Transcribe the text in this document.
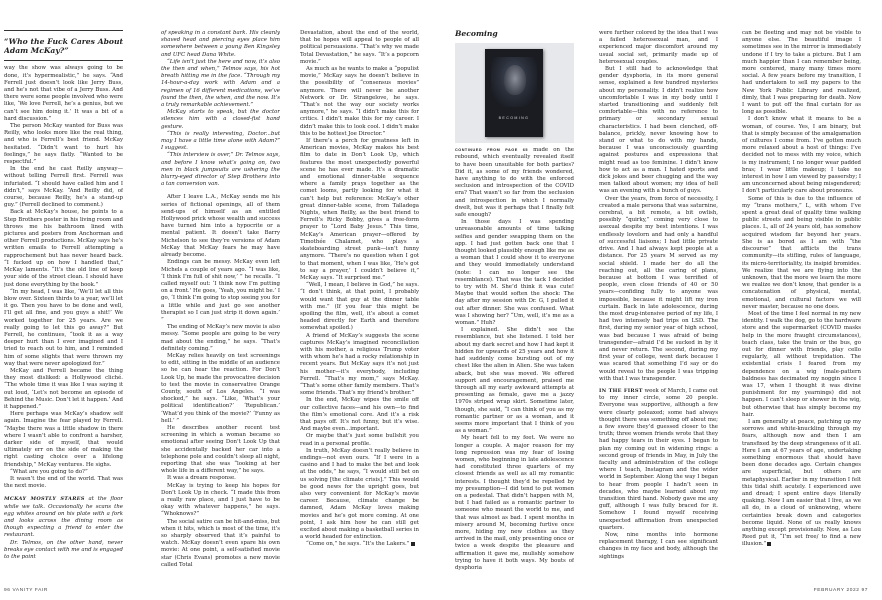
“Who the Fuck Cares About Adam McKay?”

way the show was always going to be done, it’s hypermealistic,” he says. “And Ferrell just doesn’t look like Jerry Buss, and he’s not that vibe of a Jerry Buss. And there were some people involved who were like, ‘We love Ferrell, he’s a genius, but we can’t see him doing it.’ It was a bit of a hard discussion.”

The person McKay wanted for Buss was Reilly, who looks more like the real thing, and who is Ferrell’s best friend. McKay hesitated. “Didn’t want to hurt his feelings,” he says flatly. “Wanted to be respectful.”

In the end he cast Reilly anyway—without telling Ferrell first. Ferrell was infuriated. “I should have called him and I didn’t,” says McKay. “And Reilly did, of course, because Reilly, he’s a stand-up guy.” (Ferrell declined to comment.)

Back at McKay’s house, he points to a Step Brothers poster in his living room and throws me his bathroom lined with pictures and posters from Anchorman and other Ferrell productions. McKay says he’s written emails to Ferrell attempting a rapprochement but has never heard back. “I fucked up on how I handled that,” McKay laments. “It’s the old line of keep your side of the street clean. I should have just done everything by the book.”

“In my head, I was like, ‘We’ll let all this blow over. Sixteen thirds to a year, we’ll let it go. Then you have to be done and well, I’ll get all fine, and you guys a shit!’ We worked together for 25 years. Are we really going to let this go away?” But Ferrell, he continues, “took it as a way deeper hurt than I ever imagined and I tried to reach out to him, and I reminded him of some slights that were thrown my way that were never apologized for.”

McKay and Ferrell became the thing they most disliked: a Hollywood cliché. “The whole time it was like I was saying it out loud, ‘Let’s not become an episode of Behind the Music. Don’t let it happen.’ And it happened.”

Here perhaps was McKay’s shadow self again. Imagine the fear played by Ferrell. “Maybe there was a little shadow in there where I wasn’t able to confront a harsher, darker side of myself, that would ultimately err on the side of making the right casting choice over a lifelong friendship,” McKay ventures. He sighs.

“What are you going to do?”

It wasn’t the end of the world. That was the next movie.

MCKAY MOSTLY STARES at the floor while we talk. Occasionally he scans the egg whites around on his plate with a fork and looks across the dining room as though expecting a friend to enter the restaurant.

Dr. Telmos, on the other hand, never breaks eye contact with me and is engaged to the point

of speaking in a constant bark. His cleanly shaved head and piercing eyes place him somewhere between a young Ben Kingsley and UFC head Dana White.

“Life isn’t just the here and now, it’s also the then and when,” Telmos says, his hot breath hitting me in the face. “Through my 14-hour-a-day work with Adam and a regimen of 16 different medications, we’ve found the then, the when, and the now. It’s a truly remarkable achievement.”

McKay starts to speak, but the doctor silences him with a closed-fist hand gesture.

“This is really interesting, Doctor...but may I have a little time alone with Adam?” I suggest.

“This interview is over,” Dr. Telmos says, and before I know what’s going on, two men in black jumpsuits are ushering the blurry-eyed director of Step Brothers into a tan conversion van.

After I leave L.A., McKay sends me his series of fictional openings, all of them send-ups of himself as an entitled Hollywood prick whose wealth and success have turned him into a hypocrite or a mental patient. It doesn’t take Barry Michelson to see they’re versions of Adam McKay that McKay fears he may have already become.

Endings can be messy. McKay even left Michels a couple of years ago. “I was like, ‘I think I’m full of shit now,’ ” he recalls. “I called myself out: ‘I think now I’m putting on a front.’ He goes, ‘Yeah, you might be.’ I go, ‘I think I’m going to stop seeing you for a little while and just go see another therapist so I can just strip it down again.’ ”

The ending of McKay’s new movie is also messy. “Some people are going to be very mad about the ending,” he says. “That’s definitely coming.”

McKay relies heavily on test screenings to edit, sitting in the middle of an audience so he can hear the reaction. For Don’t Look Up, he made the provocative decision to test the movie in conservative Orange County, south of Los Angeles. “I was shocked,” he says. “Like, ‘What’s your political identification?’ ‘Republican.’ ‘What’d you think of the movie?’ ‘Funny as hell.’ ”

He describes another recent test screening in which a woman became so emotional after seeing Don’t Look Up that she accidentally backed her car into a telephone pole and couldn’t sleep all night, reporting that she was “looking at her whole life in a different way,” he says.

It was a dream response.

McKay is trying to keep his hopes for Don’t Look Up in check. “I made this from a really raw place, and I just have to be okay with whatever happens,” he says. “Whoknows?”

The social satire can be hit-and-miss, but when it hits, which is most of the time, it’s so sharply observed that it’s painful to watch. McKay doesn’t even spare his own movie: At one point, a self-satisfied movie star (Chris Evans) promotes a new movie called Total

Devastation, about the end of the world, that he hopes will appeal to people of all political persuasions. “That’s why we made Total Devastation,” he says. “It’s a popcorn movie.”

As much as he wants to make a “populist movie,” McKay says he doesn’t believe in the possibility of “consensus movies” anymore. There will never be another Network or Dr. Strangelove, he says. “That’s not the way our society works anymore,” he says. “I didn’t make this for critics. I didn’t make this for my career. I didn’t make this to look cool. I didn’t make this to be hottest Joe Director.”

If there’s a perch for greatness left in American movies, McKay makes his best film to date in Don’t Look Up, which features the most unexpectedly powerful scene he has ever made. It’s a dramatic and emotional dinner-table sequence where a family prays together as the comet looms, partly looking for what it can’t help but reference: McKay’s other great dinner-table scene, from Talladega Nights, when Reilly, as the best friend to Ferrell’s Ricky Bobby, gives a free-form prayer to “Lord Baby Jesus.” This time, McKay’s American prayer—offered by Timothée Chalamet, who plays a skateboarding street punk—isn’t funny anymore. “There’s no question when I got to that moment, when I was like, ‘He’s got to say a prayer,’ I couldn’t believe it,” McKay says. “It surprised me.”

“Well, I mean, I believe in God,” he says. “I don’t think, at that point, I probably would want that guy at the dinner table with me.” (If you fear this might be spoiling the film, well, it’s about a comet headed directly for Earth and therefore somewhat spoiled.)

A friend of McKay’s suggests the scene captures McKay’s imagined reconciliation with his mother, a religious Trump voter with whom he’s had a rocky relationship in recent years. But McKay says it’s not just his mother—it’s everybody, including Ferrell. “That’s my mom,” says McKay. “That’s some other family members. That’s some friends. That’s my friend’s brother.”

In the end, McKay wipes the smile off our collective faces—and his own—to find the film’s emotional core. And it’s a risk that pays off. It’s not funny, but it’s wise. And maybe even...important.

Or maybe that’s just some bullshit you read in a personal profile.

In truth, McKay doesn’t really believe in endings—not even ours. “If I were in a casino and I had to make the bet and look at the odds,” he says, “I would still bet on us solving [the climate crisis].” This would be good news for the upright goes, but also very convenient for McKay’s movie career. Because, climate change be damned, Adam McKay loves making movies and he’s got more coming. At one point, I ask him how he can still get excited about making a basketball series in a world headed for extinction.

“Come on,” he says. “It’s the Lakers.”

96 VANITY FAIR
Becoming
BECOMING

CONTINUED FROM PAGE 65 made on the rebound, which eventually revealed itself to have been unsuitable for both parties? Did it, as some of my friends wondered, have anything to do with the enforced seclusion and introspection of the COVID era? That wasn’t so far from the seclusion and introspection in which I normally dwelt, but was it perhaps that I finally felt safe enough?

In those days I was spending unreasonable amounts of time talking selfies and gender swapping them on the app. I had just gotten back one that I thought looked plausibly enough like me as a woman that I could show it to everyone and they would immediately understand (note: I can no longer see the resemblance). That was the tack I decided to try with M. She’d think it was cute! Maybe that would soften the shock: The day after my session with Dr. G, I pulled it out after dinner. She was confused. What was I showing her? “Um, well, it’s me as a woman.” Huh?

I explained. She didn’t see the resemblance, but she listened. I told her about my dark secret and how I had kept it hidden for upwards of 25 years and how it had suddenly come bursting out of my chest like the alien in Alien. She was taken aback, but she was moved. We offered support and encouragement, praised me through all my early awkward attempts at presenting as female, gave me a jazzy 1970s striped wrap skirt. Sometime later, though, she said, “I can think of you as my romantic partner or as a woman, and it seems more important that I think of you as a woman.”

My heart fell to my feet. We were no longer a couple. A major reason for my long repression was my fear of losing women, who beginning in late adolescence had constituted three quarters of my closest friends as well as all my romantic interests. I thought they’d be repelled by my presumption—I did tend to put women on a pedestal. That didn’t happen with M, but I had failed as a romantic partner to someone who meant the world to me, and that was almost as bad. I spent months in misery around M, becoming furtive once more, hiding my new clothes as they arrived in the mail, only presenting once or twice a week despite the pleasure and affirmation it gave me, mulishly somehow trying to have it both ways. My bouts of dysphoria

were further colored by the idea that I was a failed heterosexual man, and I experienced major discomfort around my usual social set, primarily made up of heterosexual couples.

But I still had to acknowledge that gender dysphoria, in its more general sense, explained a few hundred mysteries about my personality. I didn’t realize how uncomfortable I was in my body until I started transitioning and suddenly felt comfortable—this with no reference to primary or secondary sexual characteristics. I had been clenched, off-balance, prickly, never knowing how to stand or what to do with my hands, because I was unconsciously guarding against postures and expressions that might read as too feminine. I didn’t know how to act as a man. I hated sports and dick jokes and beer chugging and the way men talked about women; my idea of hell was an evening with a bunch of guys.

Over the years, from force of necessity, I created a male persona that was saturnine, cerebral, a bit remote, a bit owlish, possibly “quirky,” coming very close to asexual despite my best intentions. I was endlessly lovelorn and had only a handful of successful liaisons; I had little private drive. And I had always kept people at a distance. For 25 years M served as my social shield. I made her do all the reaching out, all the caring of plans, because at bottom I was terrified of people, even close friends of 40 or 50 years—confiding fully to anyone was impossible, because it might lift my iron curtain. Back in late adolescence, during the most drug-intensive period of my life, I had two intensely bad trips on LSD. The first, during my senior year of high school, was bad because I was afraid of being transgender—afraid I’d be sucked in by it and never return. The second, during my first year of college, went dark because I was scared that something I’d say or do would reveal to the people I was tripping with that I was transgender.

IN THE FIRST week of March, I came out to my inner circle, some 20 people. Everyone was supportive, although a few were clearly poleaxed; some had always thought there was something off about me; a few swore they’d guessed closer to the truth; three women friends wrote that they had happy tears in their eyes. I began to plan my coming out in widening rings: a second group of friends in May, in July the faculty and administration of the college where I teach, Instagram and the wider world in September. Along the way I began to hear from people I hadn’t seen in decades, who maybe learned about my transition third hand. Nobody gave me any guff, although I was fully braced for it. Somehow I found myself receiving unexpected affirmation from unexpected quarters.

Now, nine months into hormone replacement therapy, I can see significant changes in my face and body, although the sightings

can be fleeting and may not be visible to anyone else. The beautiful image I sometimes see in the mirror is immediately undone if I try to take a picture. But I am much happier than I can remember being, more centered, many many times more social. A few years before my transition, I had undertaken to sell my papers to the New York Public Library and realized, dimly, that I was preparing for death. Now I want to put off the final curtain for as long as possible.

I don’t know what it means to be a woman, of course. Yes, I am binary, but that is simply because of the amalgamation of cultures I come from. I’ve gotten much more relaxed about a host of things: I’ve decided not to mess with my voice, which is my instrument; I no longer wear padded bras; I wear little makeup; I take no interest in how I am viewed by passersby; I am unconcerned about being misgendered; I don’t particularly care about pronouns.

Some of this is due to the influence of my “trans mothers,” L, with whom I’ve spent a great deal of quality time walking public streets and being visible in public places. L, all of 24 years old, has somehow acquired wisdom far beyond her years. She is as bored as I am with “the discourse” that afflicts the trans community—its stifling, rules of language, its micro-territoriality, its insipid bromides. We realize that we are flying into the unknown, that the more we learn the more we realize we don’t know, that gender is a concatenation of physical, mental, emotional, and cultural factors we will never master, because no one does.

Most of the time I feel normal in my new identity. I walk the dog, go to the hardware store and the supermarket (COVID masks help in the more fraught circumstances), teach class, take the train or the bus, go out for dinner with friends, play cello regularly, all without trepidation. The existential crisis I feared from my dependence on a wig (male-pattern baldness has decimated my noggin since I was 17, when I thought it was divine punishment for my yearnings) did not happen. I can’t sleep or shower in the wig, but otherwise that has simply become my hair.

I am generally at peace, patching up my sorrows and white-knuckling through my fears, although now and then I am transfixed by the deep strangeness of it all. Here I am at 67 years of age, undertaking something enormous that should have been done decades ago. Certain changes are superficial, but others are metaphysical. Earlier in my transition I felt this tidal shift acutely. I experienced awe and dread; I spent entire days literally quaking. Now I am easier that I live, as we all do, in a cloud of unknowing, where certainties break down and categories become liquid. None of us really knows anything except provisionally. Now, as Lou Reed put it, “I’m set free/ to find a new illusion.”

FEBRUARY 2022 97
